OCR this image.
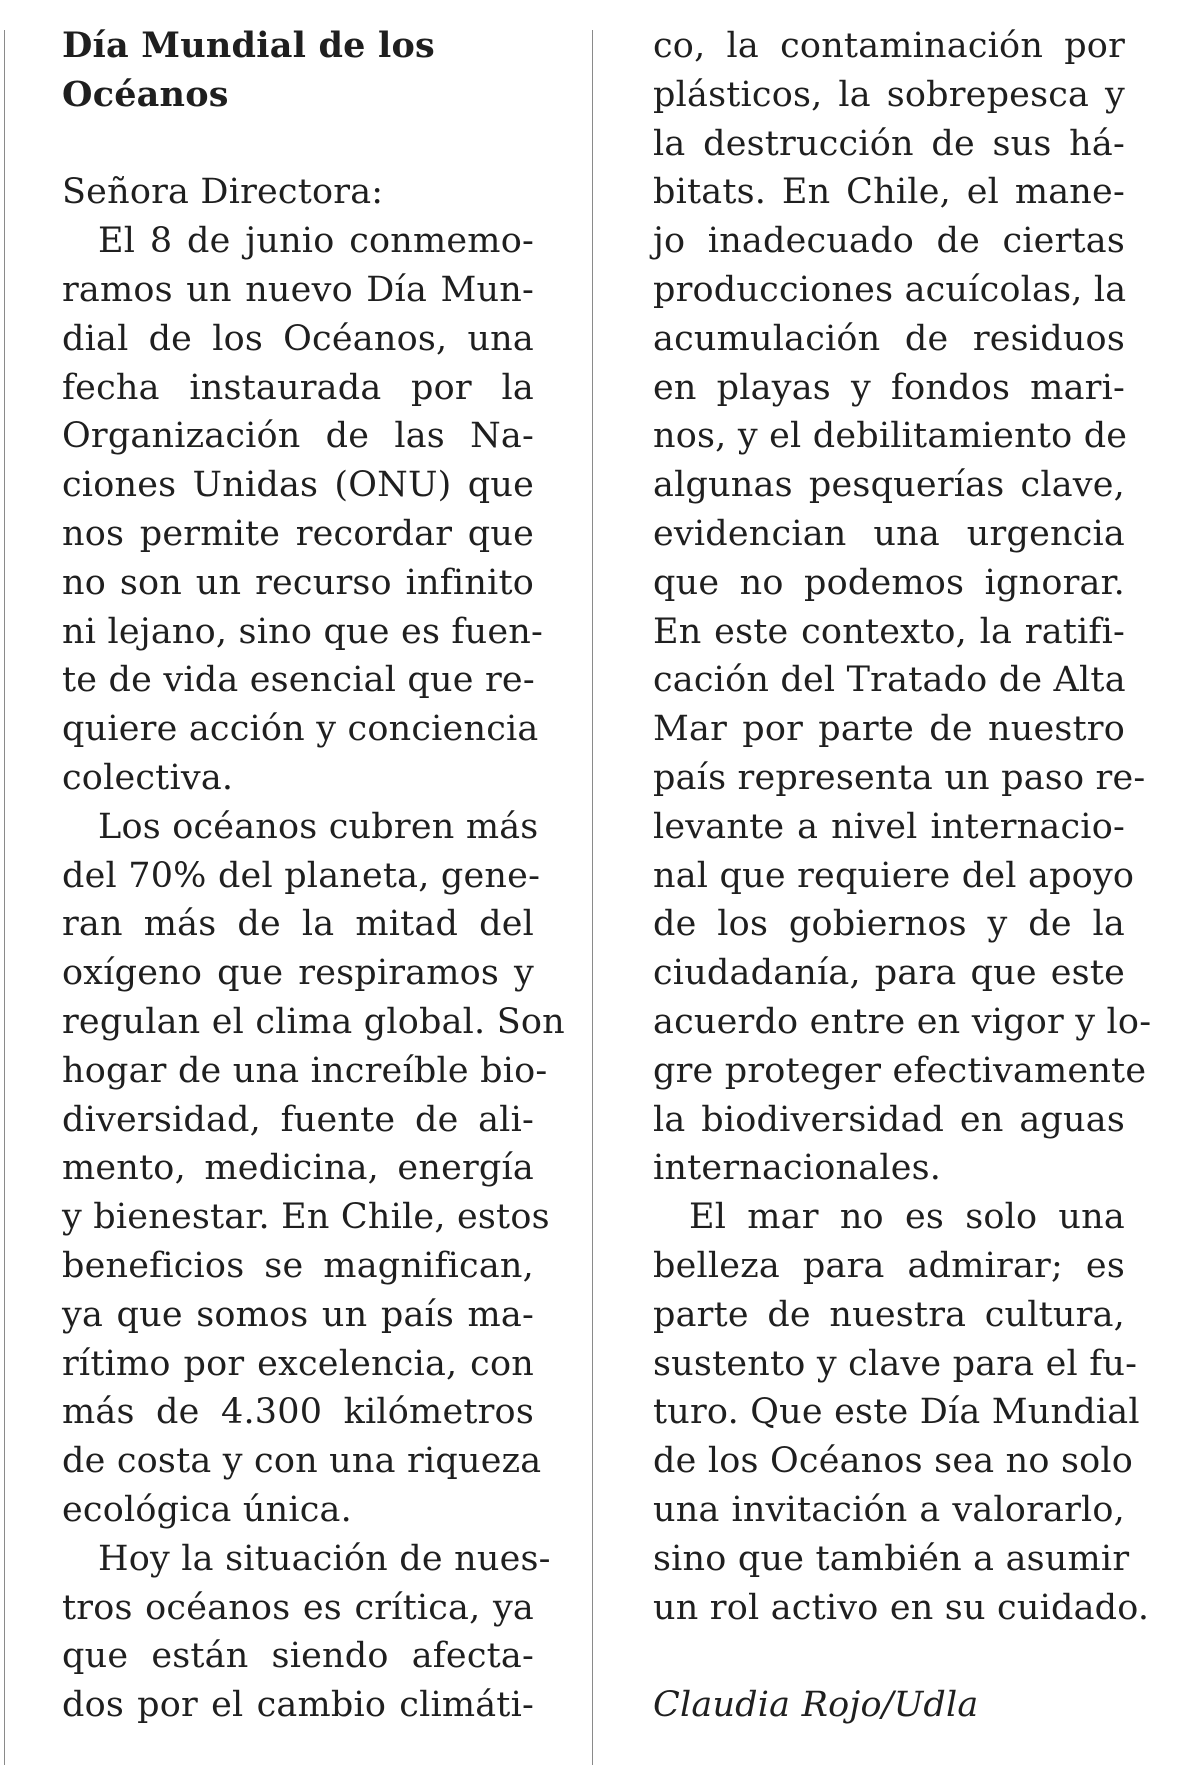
Día Mundial de los
Océanos
Señora Directora:
El 8 de junio conmemo-
ramos un nuevo Día Mun-
dial de los Océanos, una
fecha instaurada por la
Organización de las Na-
ciones Unidas (ONU) que
nos permite recordar que
no son un recurso infinito
ni lejano, sino que es fuen-
te de vida esencial que re-
quiere acción y conciencia
colectiva.
Los océanos cubren más
del 70% del planeta, gene-
ran más de la mitad del
oxígeno que respiramos y
regulan el clima global. Son
hogar de una increíble bio-
diversidad, fuente de ali-
mento, medicina, energía
y bienestar. En Chile, estos
beneficios se magnifican,
ya que somos un país ma-
rítimo por excelencia, con
más de 4.300 kilómetros
de costa y con una riqueza
ecológica única.
Hoy la situación de nues-
tros océanos es crítica, ya
que están siendo afecta-
dos por el cambio climáti-
co, la contaminación por
plásticos, la sobrepesca y
la destrucción de sus há-
bitats. En Chile, el mane-
jo inadecuado de ciertas
producciones acuícolas, la
acumulación de residuos
en playas y fondos mari-
nos, y el debilitamiento de
algunas pesquerías clave,
evidencian una urgencia
que no podemos ignorar.
En este contexto, la ratifi-
cación del Tratado de Alta
Mar por parte de nuestro
país representa un paso re-
levante a nivel internacio-
nal que requiere del apoyo
de los gobiernos y de la
ciudadanía, para que este
acuerdo entre en vigor y lo-
gre proteger efectivamente
la biodiversidad en aguas
internacionales.
El mar no es solo una
belleza para admirar; es
parte de nuestra cultura,
sustento y clave para el fu-
turo. Que este Día Mundial
de los Océanos sea no solo
una invitación a valorarlo,
sino que también a asumir
un rol activo en su cuidado.
Claudia Rojo/Udla
